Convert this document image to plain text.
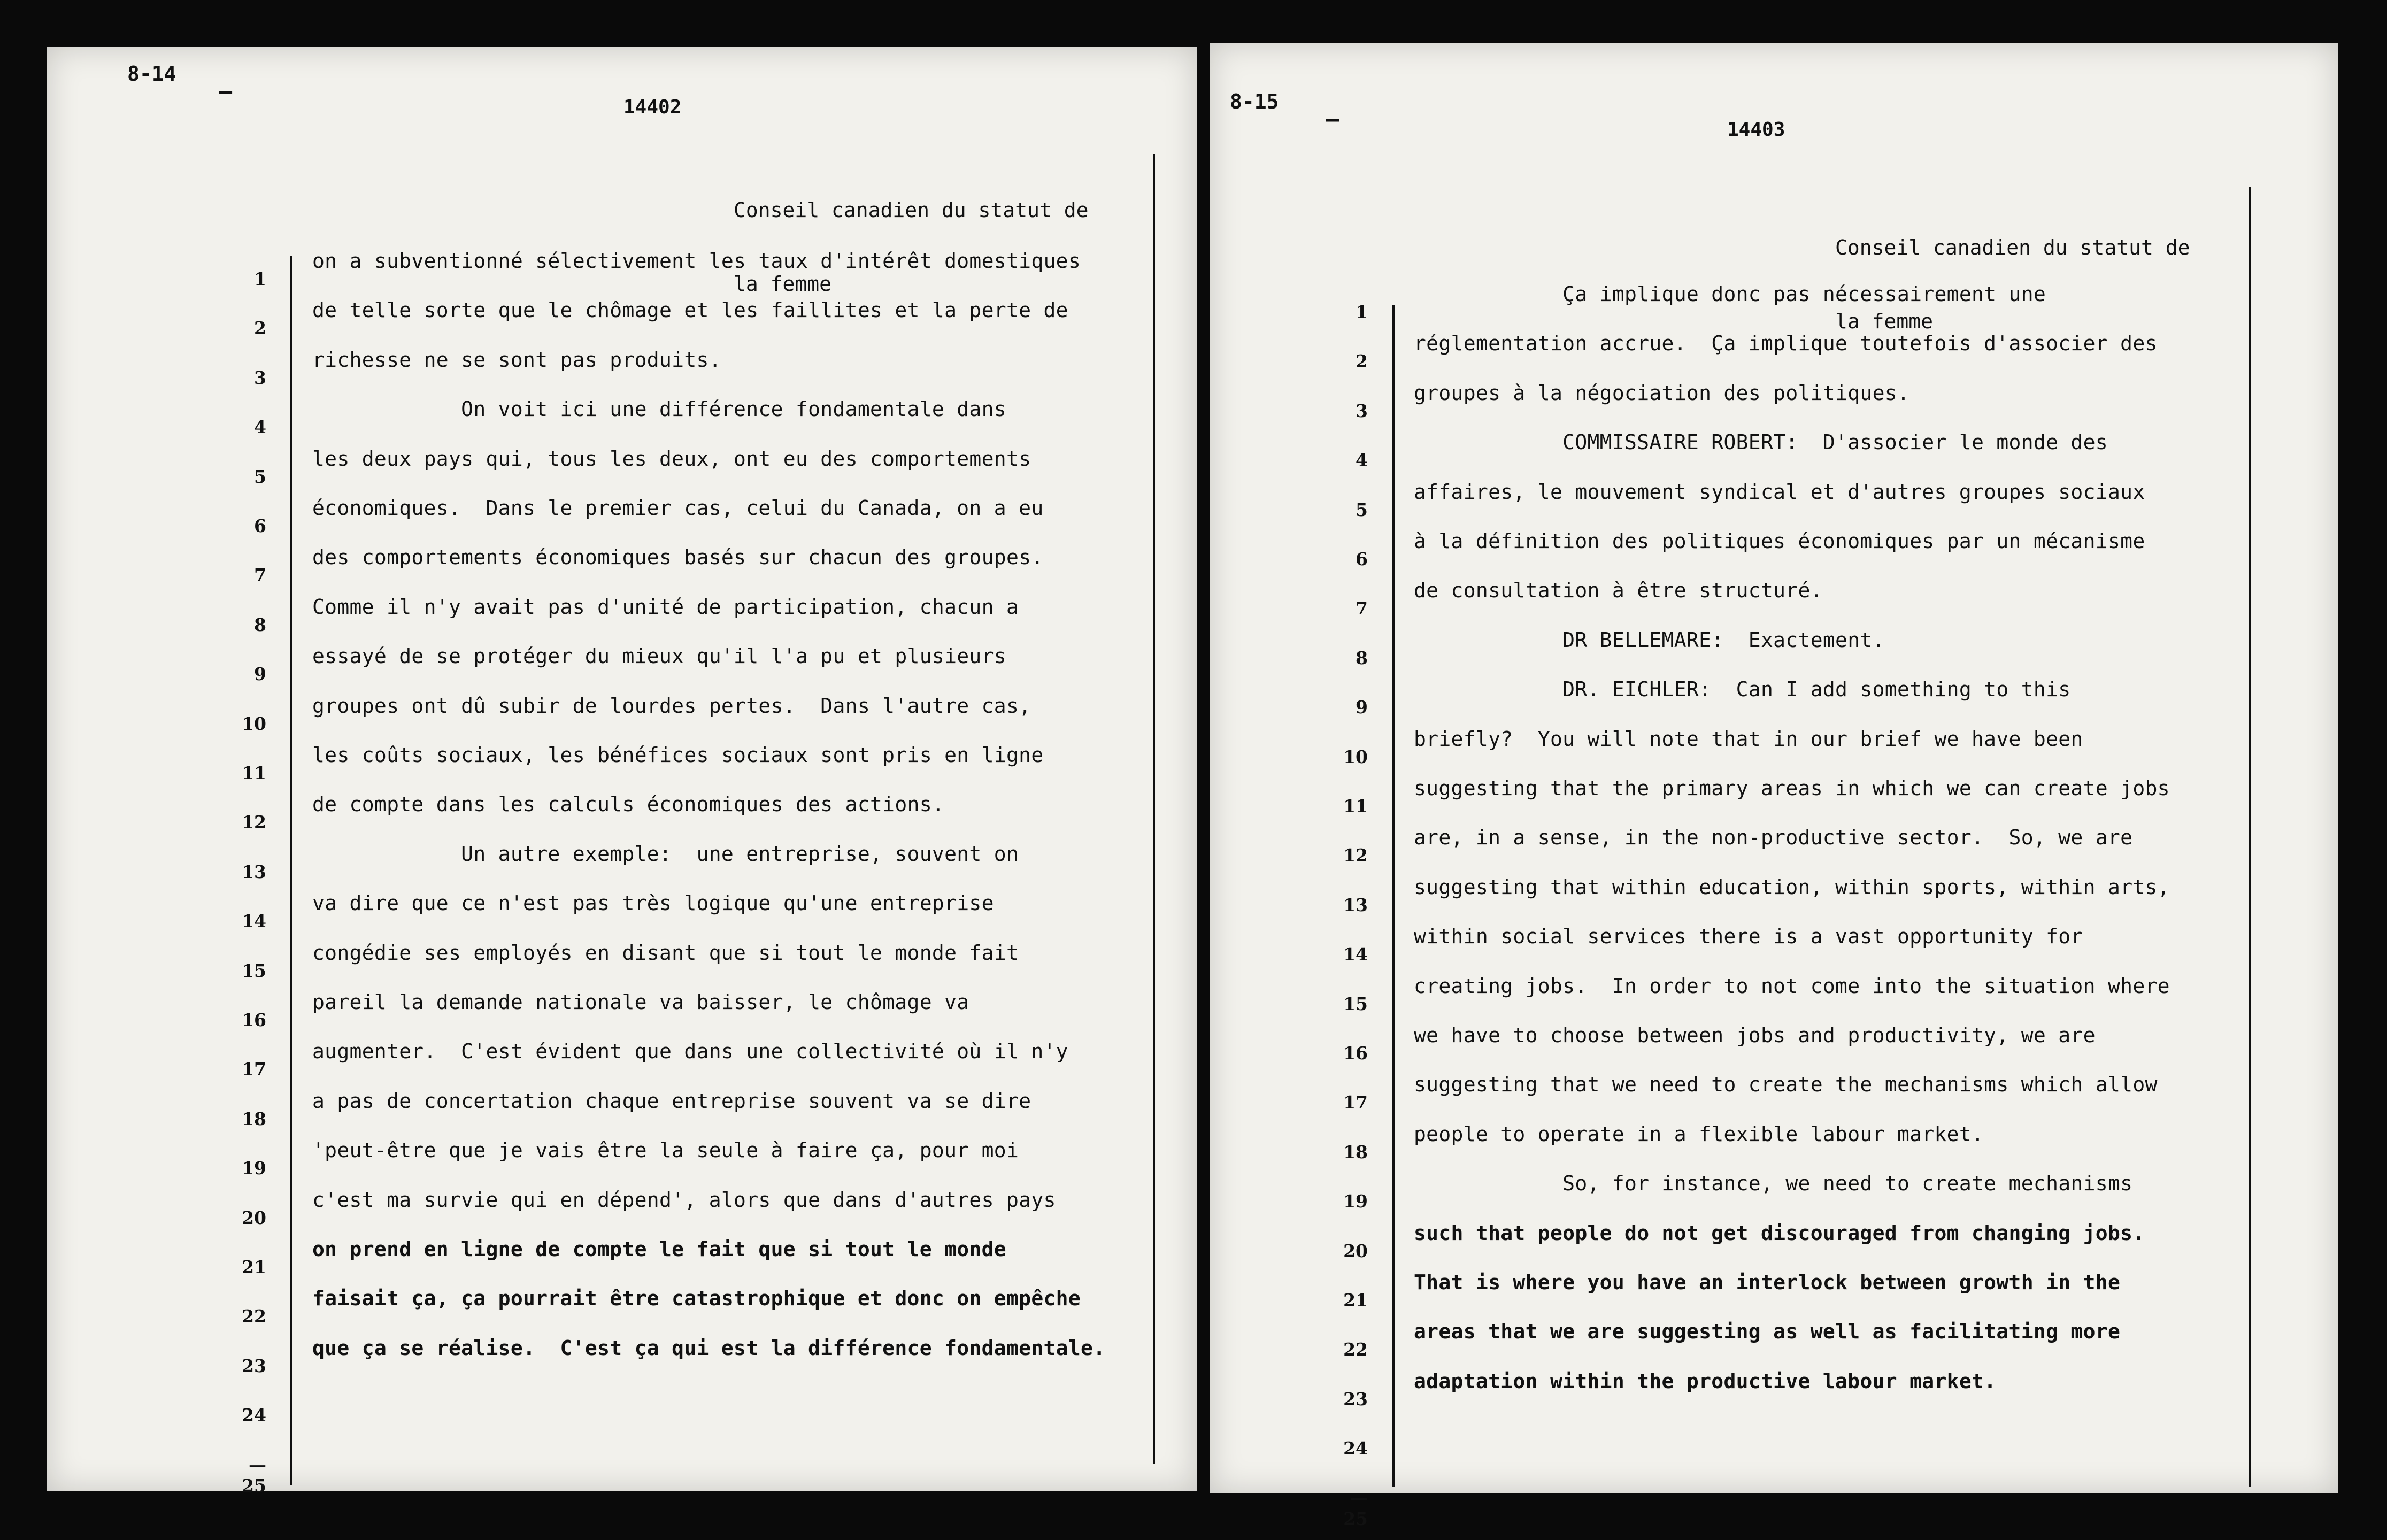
8-14
–
14402

Conseil canadien du statut de

la femme

1
on a subventionné sélectivement les taux d'intérêt domestiques
2
de telle sorte que le chômage et les faillites et la perte de
3
richesse ne se sont pas produits.
4
On voit ici une différence fondamentale dans
5
les deux pays qui, tous les deux, ont eu des comportements
6
économiques.  Dans le premier cas, celui du Canada, on a eu
7
des comportements économiques basés sur chacun des groupes.
8
Comme il n'y avait pas d'unité de participation, chacun a
9
essayé de se protéger du mieux qu'il l'a pu et plusieurs
10
groupes ont dû subir de lourdes pertes.  Dans l'autre cas,
11
les coûts sociaux, les bénéfices sociaux sont pris en ligne
12
de compte dans les calculs économiques des actions.
13
Un autre exemple:  une entreprise, souvent on
14
va dire que ce n'est pas très logique qu'une entreprise
15
congédie ses employés en disant que si tout le monde fait
16
pareil la demande nationale va baisser, le chômage va
17
augmenter.  C'est évident que dans une collectivité où il n'y
18
a pas de concertation chaque entreprise souvent va se dire
19
'peut-être que je vais être la seule à faire ça, pour moi
20
c'est ma survie qui en dépend', alors que dans d'autres pays
21
on prend en ligne de compte le fait que si tout le monde
22
faisait ça, ça pourrait être catastrophique et donc on empêche
23
que ça se réalise.  C'est ça qui est la différence fondamentale.
24
—25
8-15
–	14403

Conseil canadien du statut de

la femme

1
Ça implique donc pas nécessairement une
2
réglementation accrue.  Ça implique toutefois d'associer des
3
groupes à la négociation des politiques.
4
COMMISSAIRE ROBERT:  D'associer le monde des
5
affaires, le mouvement syndical et d'autres groupes sociaux
6
à la définition des politiques économiques par un mécanisme
7
de consultation à être structuré.
8
DR BELLEMARE:  Exactement.
9
DR. EICHLER:  Can I add something to this
10
briefly?  You will note that in our brief we have been
11
suggesting that the primary areas in which we can create jobs
12
are, in a sense, in the non-productive sector.  So, we are
13
suggesting that within education, within sports, within arts,
14
within social services there is a vast opportunity for
15
creating jobs.  In order to not come into the situation where
16
we have to choose between jobs and productivity, we are
17
suggesting that we need to create the mechanisms which allow
18
people to operate in a flexible labour market.
19
So, for instance, we need to create mechanisms
20
such that people do not get discouraged from changing jobs.
21
That is where you have an interlock between growth in the
22
areas that we are suggesting as well as facilitating more
23
adaptation within the productive labour market.
24
—25
